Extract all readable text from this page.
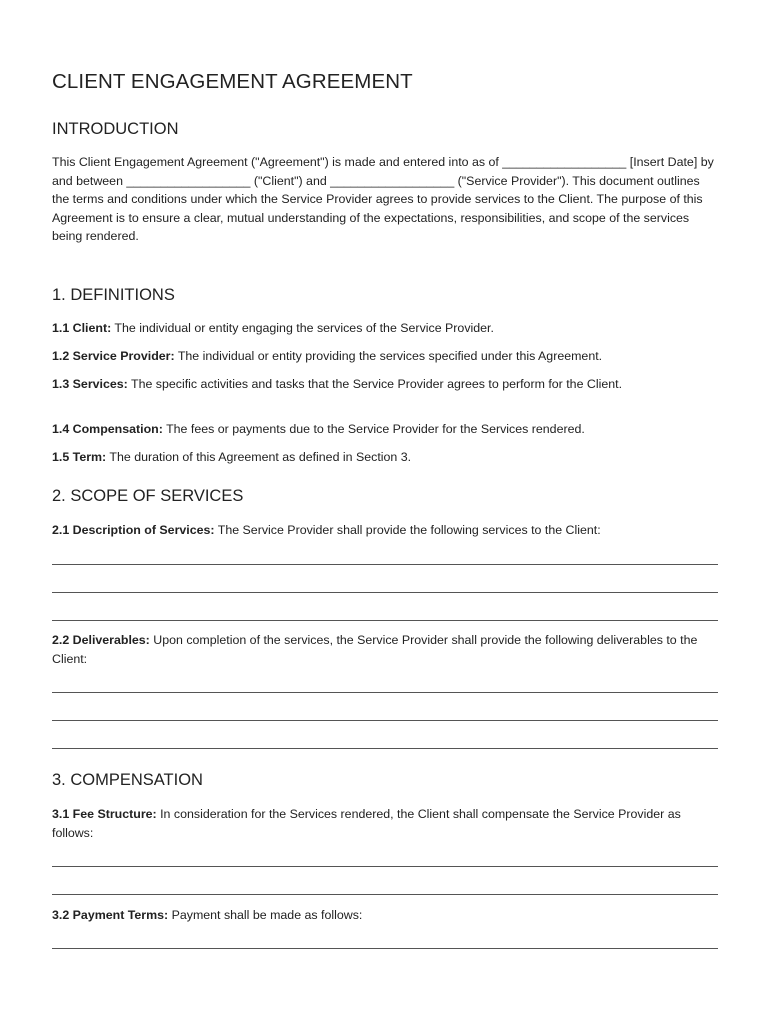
CLIENT ENGAGEMENT AGREEMENT
INTRODUCTION

This Client Engagement Agreement ("Agreement") is made and entered into as of __________________ [Insert Date] by and between __________________ ("Client") and __________________ ("Service Provider"). This document outlines the terms and conditions under which the Service Provider agrees to provide services to the Client. The purpose of this Agreement is to ensure a clear, mutual understanding of the expectations, responsibilities, and scope of the services being rendered.

1. DEFINITIONS

1.1 Client: The individual or entity engaging the services of the Service Provider.

1.2 Service Provider: The individual or entity providing the services specified under this Agreement.

1.3 Services: The specific activities and tasks that the Service Provider agrees to perform for the Client.

1.4 Compensation: The fees or payments due to the Service Provider for the Services rendered.

1.5 Term: The duration of this Agreement as defined in Section 3.

2. SCOPE OF SERVICES

2.1 Description of Services: The Service Provider shall provide the following services to the Client:

2.2 Deliverables: Upon completion of the services, the Service Provider shall provide the following deliverables to the Client:

3. COMPENSATION

3.1 Fee Structure: In consideration for the Services rendered, the Client shall compensate the Service Provider as follows:

3.2 Payment Terms: Payment shall be made as follows:
